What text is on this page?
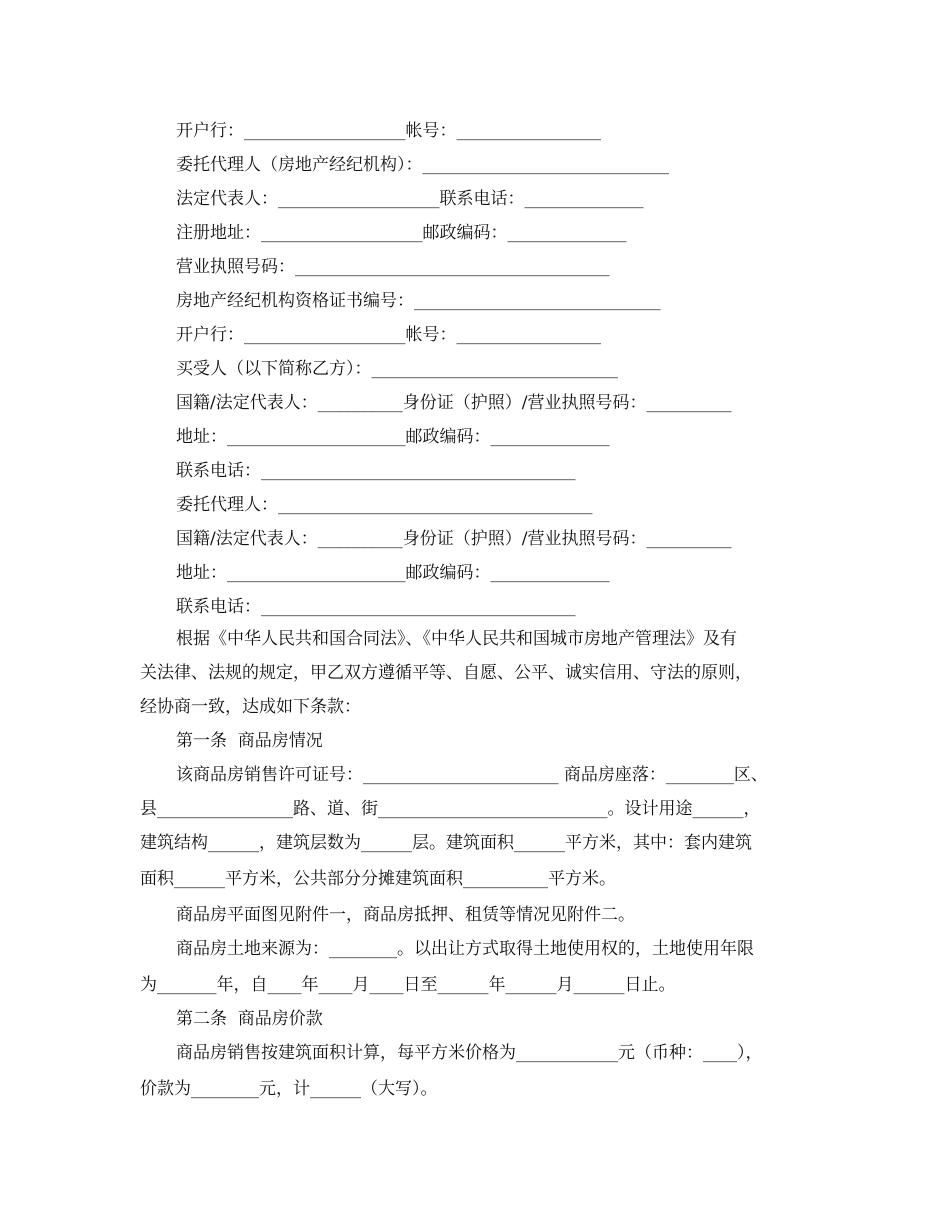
开户行：___________________帐号：_________________
委托代理人（房地产经纪机构）：_____________________________
法定代表人：___________________联系电话：______________
注册地址：___________________邮政编码：______________
营业执照号码：_____________________________________
房地产经纪机构资格证书编号：_____________________________
开户行：___________________帐号：_________________
买受人（以下简称乙方）：_____________________________
国籍/法定代表人：__________身份证（护照）/营业执照号码：__________
地址：_____________________邮政编码：______________
联系电话：_____________________________________
委托代理人：_____________________________________
国籍/法定代表人：__________身份证（护照）/营业执照号码：__________
地址：_____________________邮政编码：______________
联系电话：_____________________________________
根据《中华人民共和国合同法》、《中华人民共和国城市房地产管理法》及有
关法律、法规的规定，甲乙双方遵循平等、自愿、公平、诚实信用、守法的原则，
经协商一致，达成如下条款：
第一条  商品房情况
该商品房销售许可证号：_______________________ 商品房座落：________区、
县________________路、道、街___________________________。设计用途______，
建筑结构______，建筑层数为______层。建筑面积______平方米，其中：套内建筑
面积______平方米，公共部分分摊建筑面积__________平方米。
商品房平面图见附件一，商品房抵押、租赁等情况见附件二。
商品房土地来源为：________。以出让方式取得土地使用权的，土地使用年限
为_______年，自____年____月____日至______年______月______日止。
第二条  商品房价款
商品房销售按建筑面积计算，每平方米价格为____________元（币种：____），
价款为________元，计______（大写）。
